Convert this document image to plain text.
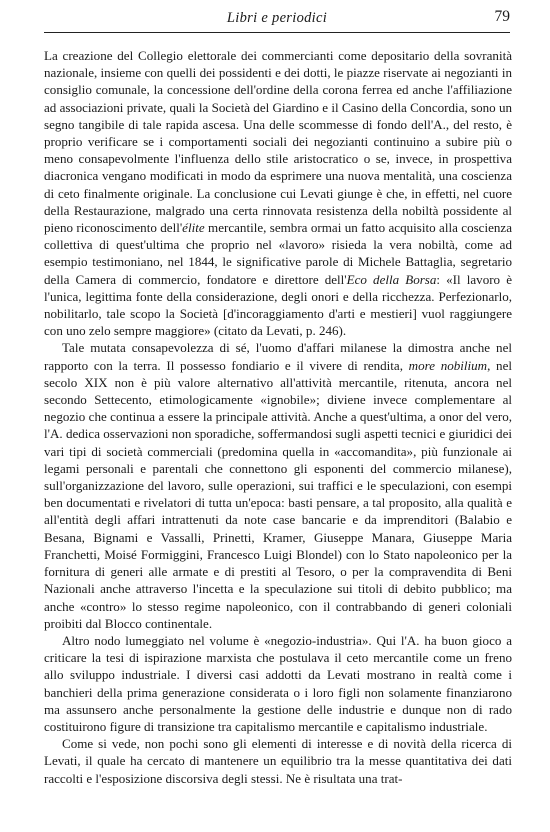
Libri e periodici	79

La creazione del Collegio elettorale dei commercianti come depositario della sovranità nazionale, insieme con quelli dei possidenti e dei dotti, le piazze riservate ai negozianti in consiglio comunale, la concessione dell'ordine della corona ferrea ed anche l'affiliazione ad associazioni private, quali la Società del Giardino e il Casino della Concordia, sono un segno tangibile di tale rapida ascesa. Una delle scommesse di fondo dell'A., del resto, è proprio verificare se i comportamenti sociali dei negozianti continuino a subire più o meno consapevolmente l'influenza dello stile aristocratico o se, invece, in prospettiva diacronica vengano modificati in modo da esprimere una nuova mentalità, una coscienza di ceto finalmente originale. La conclusione cui Levati giunge è che, in effetti, nel cuore della Restaurazione, malgrado una certa rinnovata resistenza della nobiltà possidente al pieno riconoscimento dell'élite mercantile, sembra ormai un fatto acquisito alla coscienza collettiva di quest'ultima che proprio nel «lavoro» risieda la vera nobiltà, come ad esempio testimoniano, nel 1844, le significative parole di Michele Battaglia, segretario della Camera di commercio, fondatore e direttore dell'Eco della Borsa: «Il lavoro è l'unica, legittima fonte della considerazione, degli onori e della ricchezza. Perfezionarlo, nobilitarlo, tale scopo la Società [d'incoraggiamento d'arti e mestieri] vuol raggiungere con uno zelo sempre maggiore» (citato da Levati, p. 246).

Tale mutata consapevolezza di sé, l'uomo d'affari milanese la dimostra anche nel rapporto con la terra. Il possesso fondiario e il vivere di rendita, more nobilium, nel secolo XIX non è più valore alternativo all'attività mercantile, ritenuta, ancora nel secondo Settecento, etimologicamente «ignobile»; diviene invece complementare al negozio che continua a essere la principale attività. Anche a quest'ultima, a onor del vero, l'A. dedica osservazioni non sporadiche, soffermandosi sugli aspetti tecnici e giuridici dei vari tipi di società commerciali (predomina quella in «accomandita», più funzionale ai legami personali e parentali che connettono gli esponenti del commercio milanese), sull'organizzazione del lavoro, sulle operazioni, sui traffici e le speculazioni, con esempi ben documentati e rivelatori di tutta un'epoca: basti pensare, a tal proposito, alla qualità e all'entità degli affari intrattenuti da note case bancarie e da imprenditori (Balabio e Besana, Bignami e Vassalli, Prinetti, Kramer, Giuseppe Manara, Giuseppe Maria Franchetti, Moisé Formiggini, Francesco Luigi Blondel) con lo Stato napoleonico per la fornitura di generi alle armate e di prestiti al Tesoro, o per la compravendita di Beni Nazionali anche attraverso l'incetta e la speculazione sui titoli di debito pubblico; ma anche «contro» lo stesso regime napoleonico, con il contrabbando di generi coloniali proibiti dal Blocco continentale.

Altro nodo lumeggiato nel volume è «negozio-industria». Qui l'A. ha buon gioco a criticare la tesi di ispirazione marxista che postulava il ceto mercantile come un freno allo sviluppo industriale. I diversi casi addotti da Levati mostrano in realtà come i banchieri della prima generazione considerata o i loro figli non solamente finanziarono ma assunsero anche personalmente la gestione delle industrie e dunque non di rado costituirono figure di transizione tra capitalismo mercantile e capitalismo industriale.

Come si vede, non pochi sono gli elementi di interesse e di novità della ricerca di Levati, il quale ha cercato di mantenere un equilibrio tra la messe quantitativa dei dati raccolti e l'esposizione discorsiva degli stessi. Ne è risultata una trat-
